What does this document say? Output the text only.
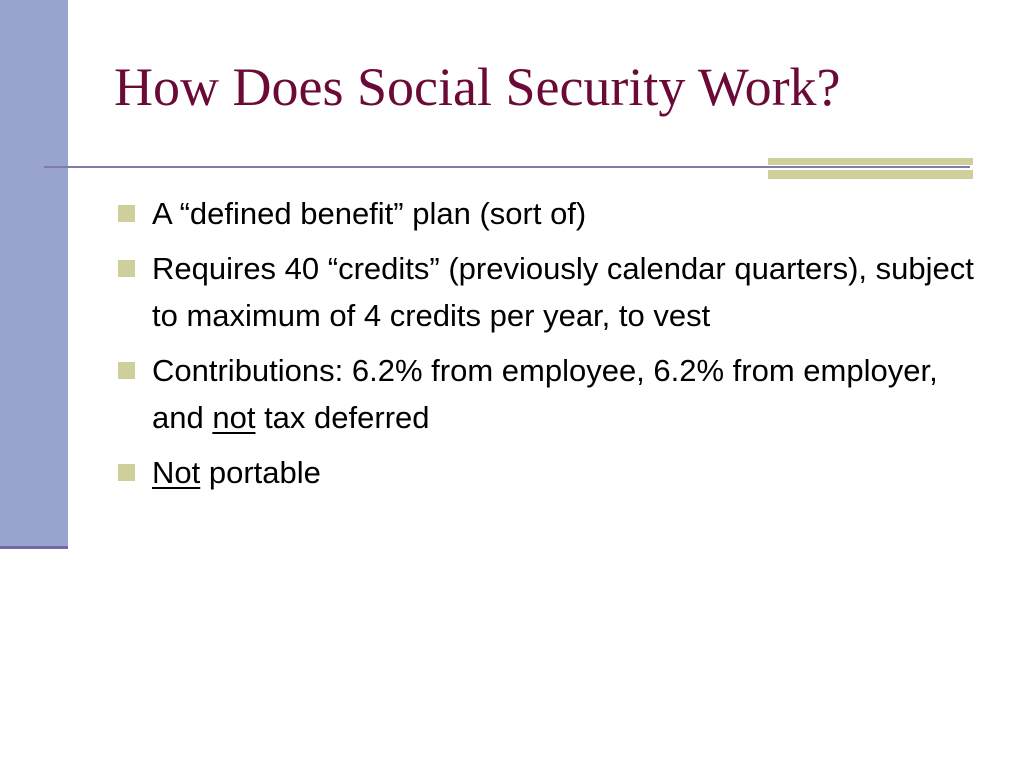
How Does Social Security Work?
A “defined benefit” plan (sort of)
Requires 40 “credits” (previously calendar quarters), subject to maximum of 4 credits per year, to vest
Contributions: 6.2% from employee, 6.2% from employer, and not tax deferred
Not portable
